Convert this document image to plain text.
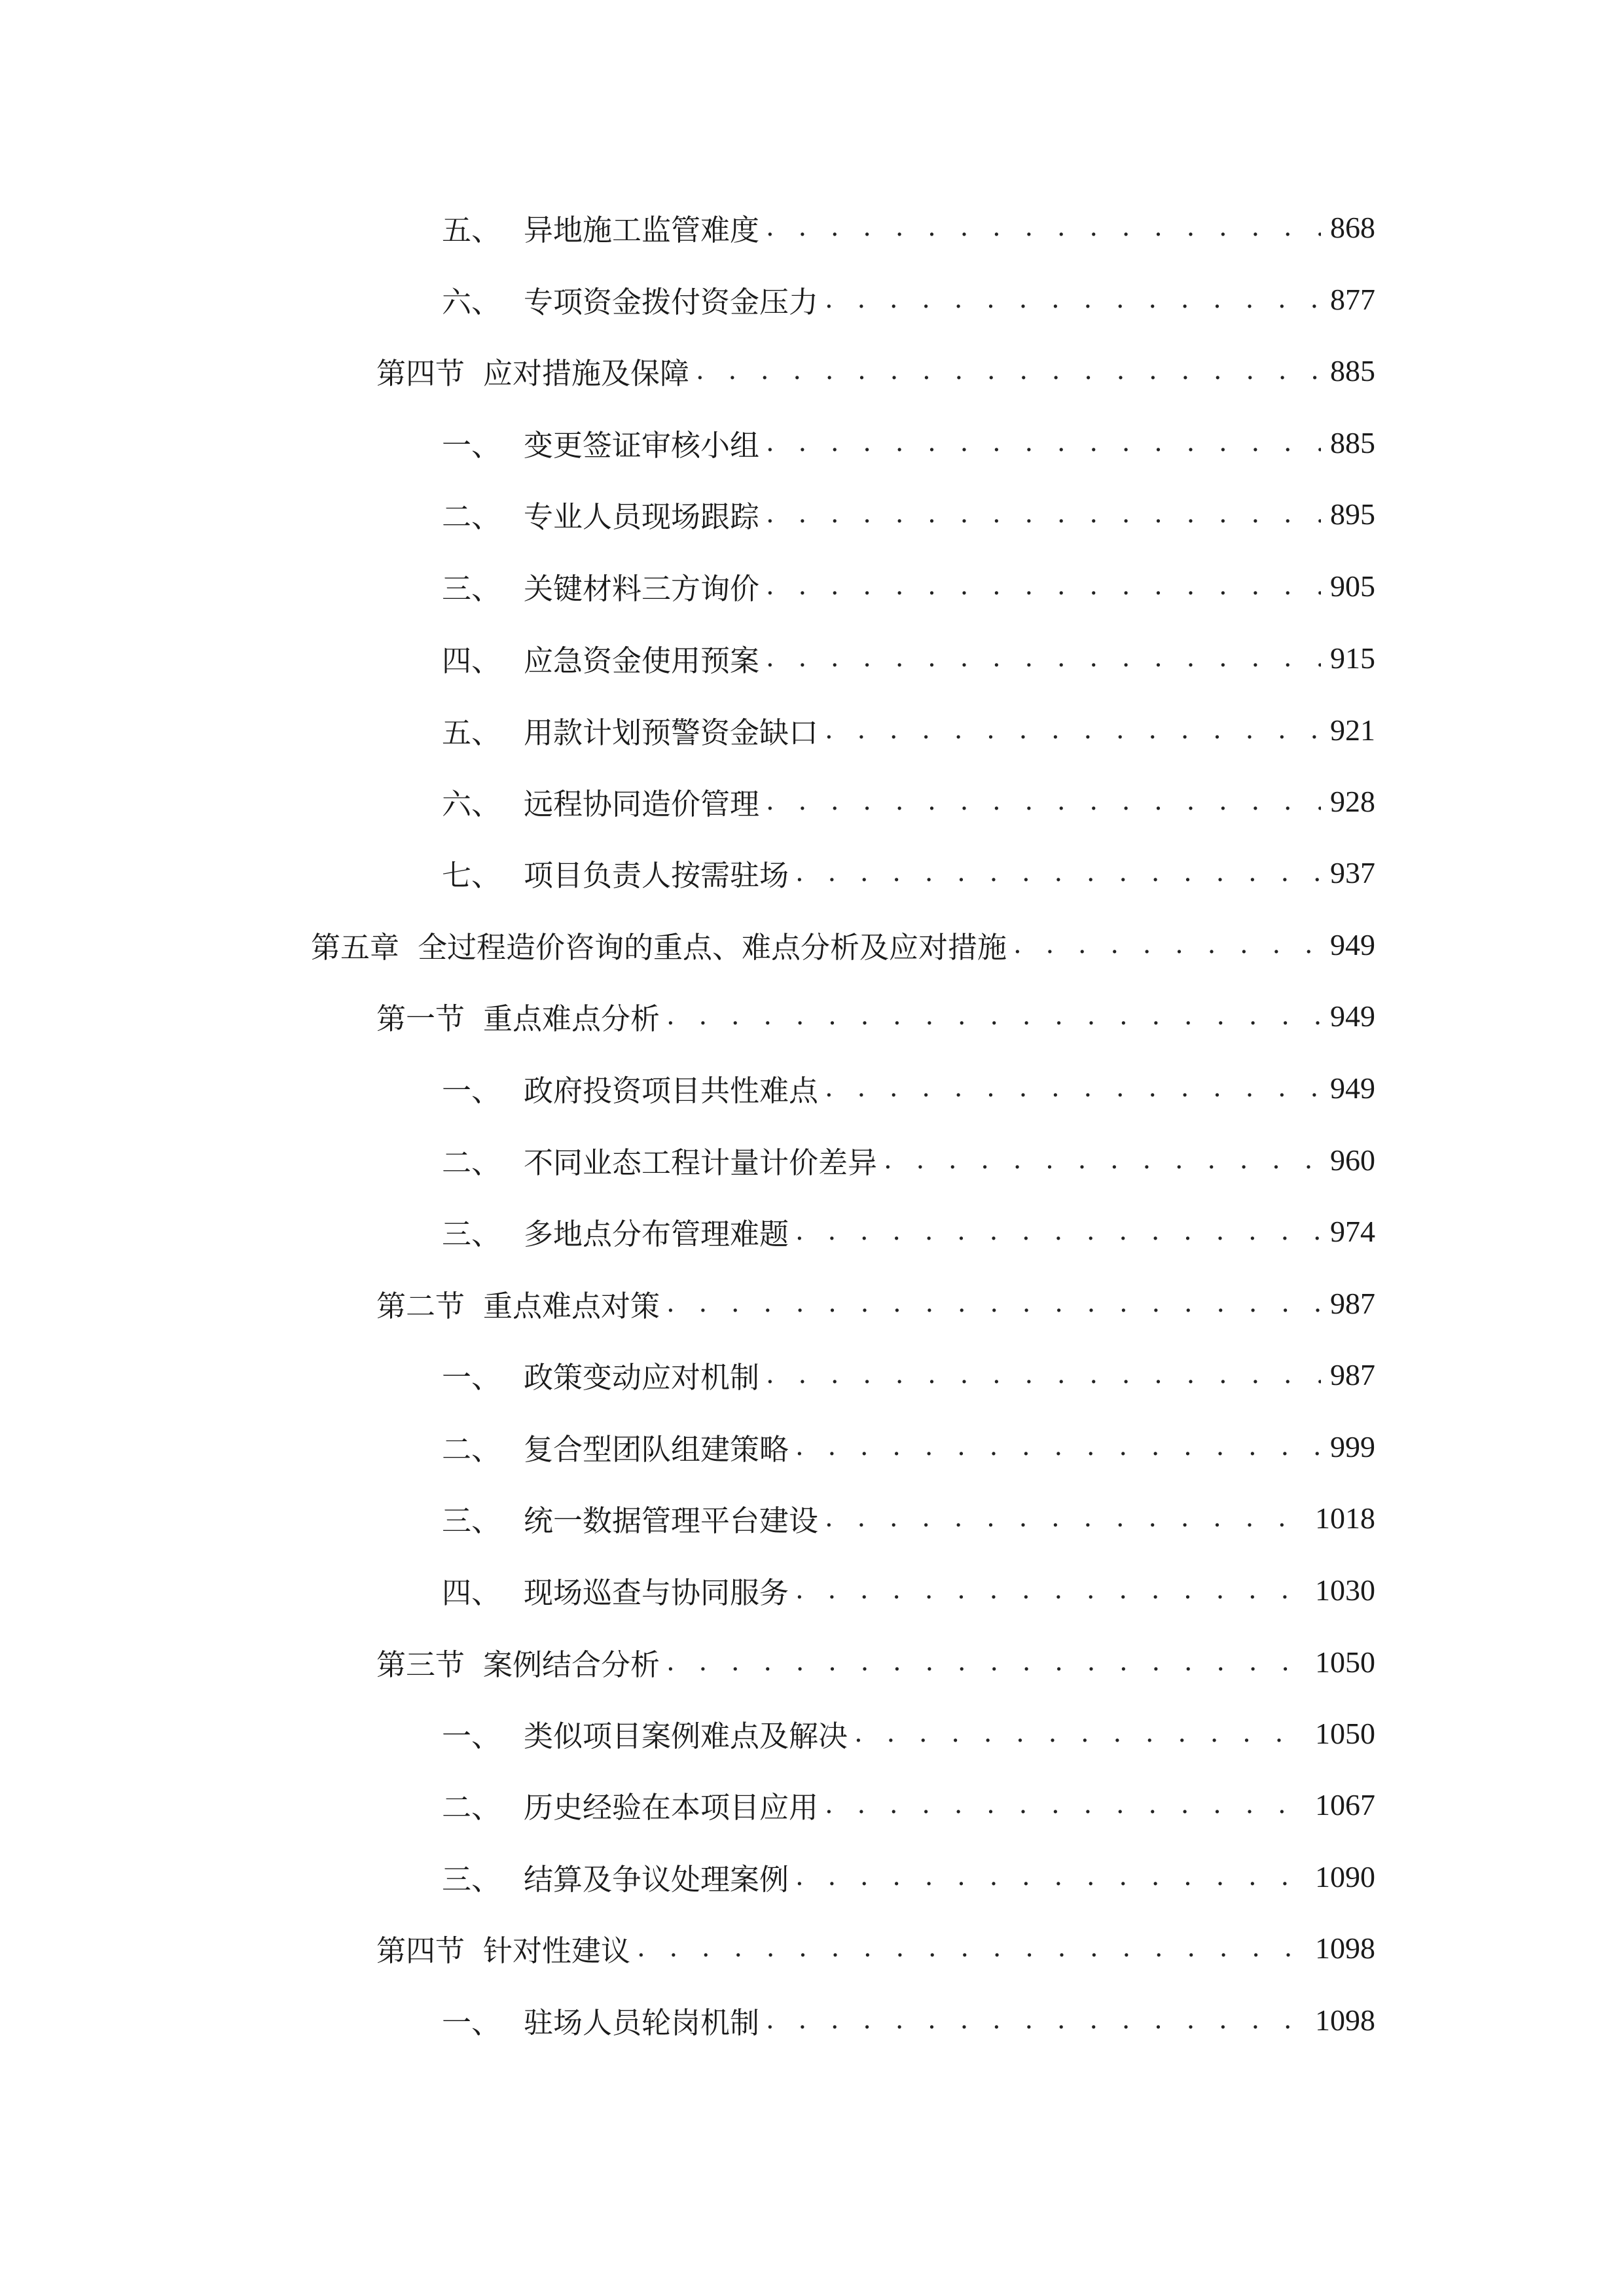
五、 异地施工监管难度 . . .	868
六、 专项资金拨付资金压力 . . .	877
第四节 应对措施及保障 . . .	885
一、 变更签证审核小组 . . .	885
二、 专业人员现场跟踪 . . .	895
三、 关键材料三方询价 . . .	905
四、 应急资金使用预案 . . .	915
五、 用款计划预警资金缺口 . . .	921
六、 远程协同造价管理 . . .	928
七、 项目负责人按需驻场 . . .	937
第五章 全过程造价咨询的重点、难点分析及应对措施 . . .	949
第一节 重点难点分析 . . .	949
一、 政府投资项目共性难点 . . .	949
二、 不同业态工程计量计价差异 . . .	960
三、 多地点分布管理难题 . . .	974
第二节 重点难点对策 . . .	987
一、 政策变动应对机制 . . .	987
二、 复合型团队组建策略 . . .	999
三、 统一数据管理平台建设 . . .	1018
四、 现场巡查与协同服务 . . .	1030
第三节 案例结合分析 . . .	1050
一、 类似项目案例难点及解决 . . .	1050
二、 历史经验在本项目应用 . . .	1067
三、 结算及争议处理案例 . . .	1090
第四节 针对性建议 . . .	1098
一、 驻场人员轮岗机制 . . .	1098
